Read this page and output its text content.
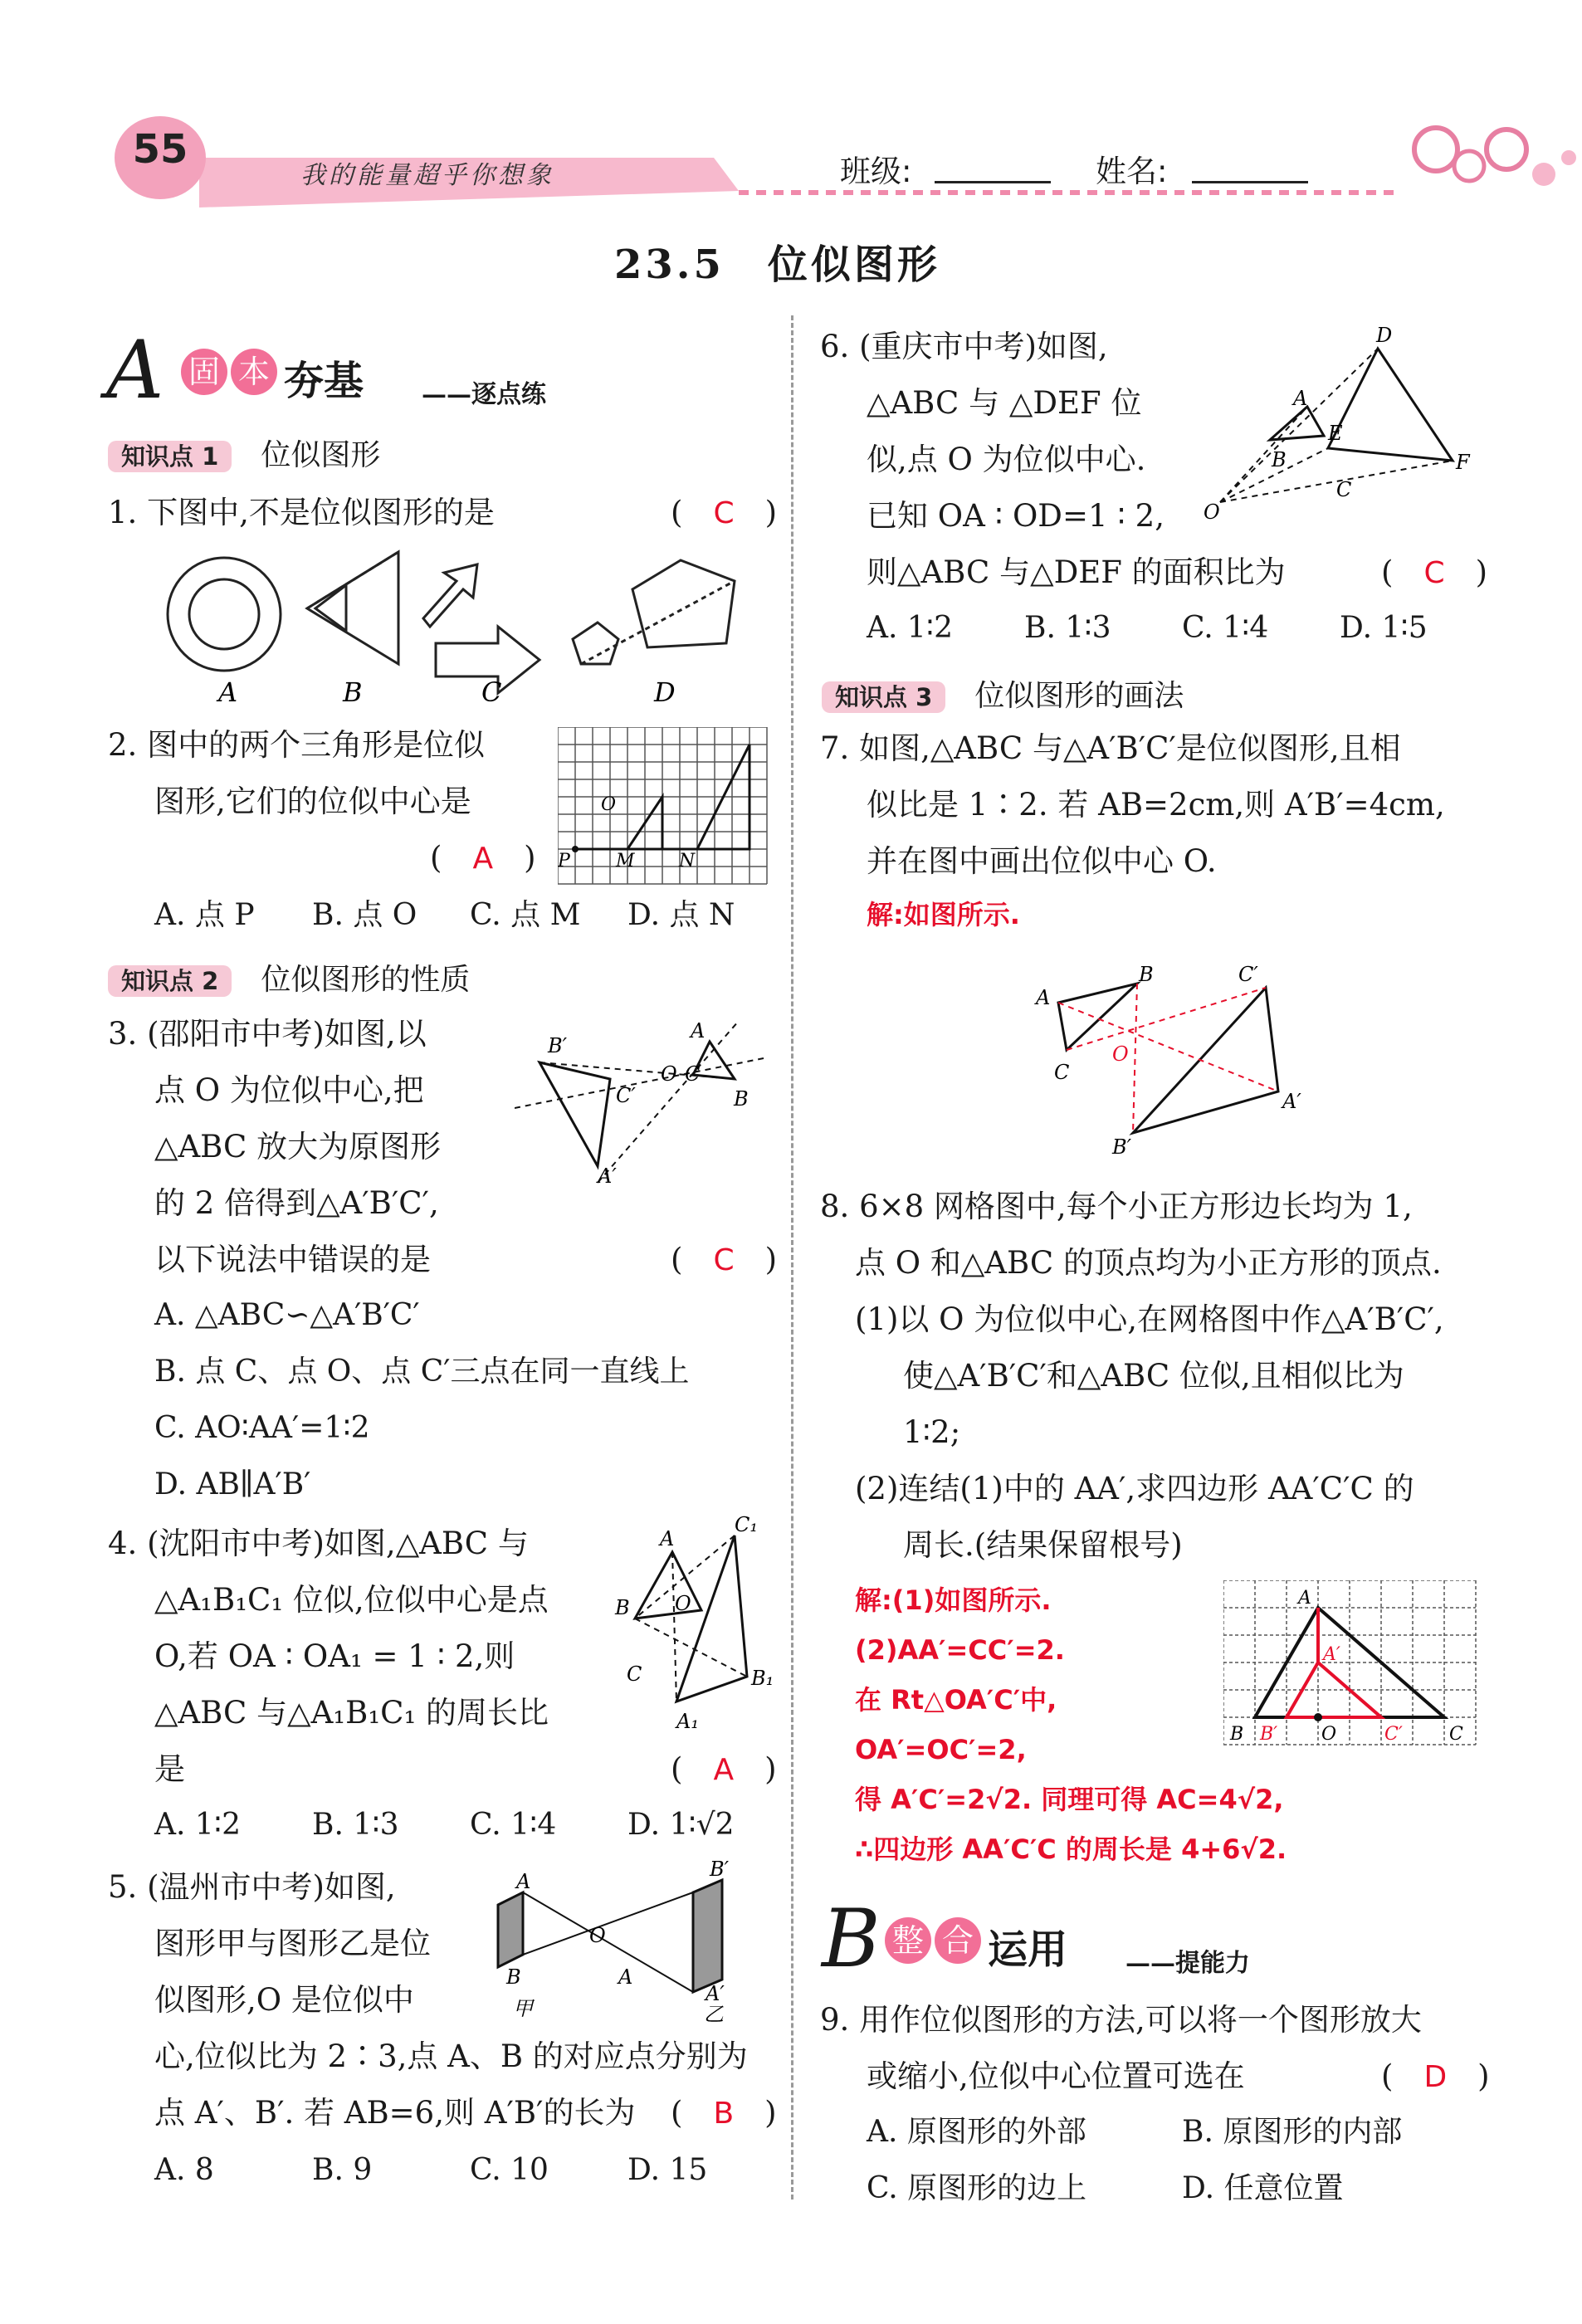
55
我的能量超乎你想象	班级:	姓名:
23.5　位似图形
A 固 本 夯基 ——逐点练
知识点 1 位似图形
1. 下图中,不是位似图形的是	(　C　)
A	B	C	D
2. 图中的两个三角形是位似
图形,它们的位似中心是
(　A　) P
O
M N
A. 点 P B. 点 O C. 点 M D. 点 N
知识点 2 位似图形的性质
3. (邵阳市中考)如图,以
点 O 为位似中心,把
△ABC 放大为原图形
的 2 倍得到△A′B′C′,
以下说法中错误的是	(　C　)
B′
C′
A′
O C
A
B
A. △ABC∽△A′B′C′
B. 点 C、点 O、点 C′三点在同一直线上
C. AO∶AA′=1∶2
D. AB∥A′B′
4. (沈阳市中考)如图,△ABC 与
△A₁B₁C₁ 位似,位似中心是点
O,若 OA ∶ OA₁ = 1 ∶ 2,则
△ABC 与△A₁B₁C₁ 的周长比
是	(　A　)
C₁
A
B O
B₁
C
A₁
A. 1∶2 B. 1∶3 C. 1∶4 D. 1∶√2
5. (温州市中考)如图,
图形甲与图形乙是位
似图形,O 是位似中
心,位似比为 2∶3,点 A、B 的对应点分别为
点 A′、B′. 若 AB=6,则 A′B′的长为 (　B　)
A
B
O
A
B′
A′
甲	乙
A. 8	B. 9	C. 10	D. 15
6. (重庆市中考)如图,
△ABC 与 △DEF 位
似,点 O 为位似中心.
已知 OA ∶ OD=1 ∶ 2,
则△ABC 与△DEF 的面积比为	(　C　)
D
A
E
B
C
F
O
A. 1∶2 B. 1∶3 C. 1∶4 D. 1∶5
知识点 3 位似图形的画法
7. 如图,△ABC 与△A′B′C′是位似图形,且相
似比是 1∶2. 若 AB=2cm,则 A′B′=4cm,
并在图中画出位似中心 O.
解:如图所示.
A
B
C
O
C′
A′
B′
8. 6×8 网格图中,每个小正方形边长均为 1,
点 O 和△ABC 的顶点均为小正方形的顶点.
(1)以 O 为位似中心,在网格图中作△A′B′C′,
使△A′B′C′和△ABC 位似,且相似比为
1∶2;
(2)连结(1)中的 AA′,求四边形 AA′C′C 的
周长.(结果保留根号)
解:(1)如图所示.
(2)AA′=CC′=2.
在 Rt△OA′C′中,
OA′=OC′=2,
得 A′C′=2√2. 同理可得 AC=4√2,
∴四边形 AA′C′C 的周长是 4+6√2.
A
A′
B B′ O	C′	C
B 整 合 运用 ——提能力
9. 用作位似图形的方法,可以将一个图形放大
或缩小,位似中心位置可选在	(　D　)
A. 原图形的外部	B. 原图形的内部
C. 原图形的边上	D. 任意位置
